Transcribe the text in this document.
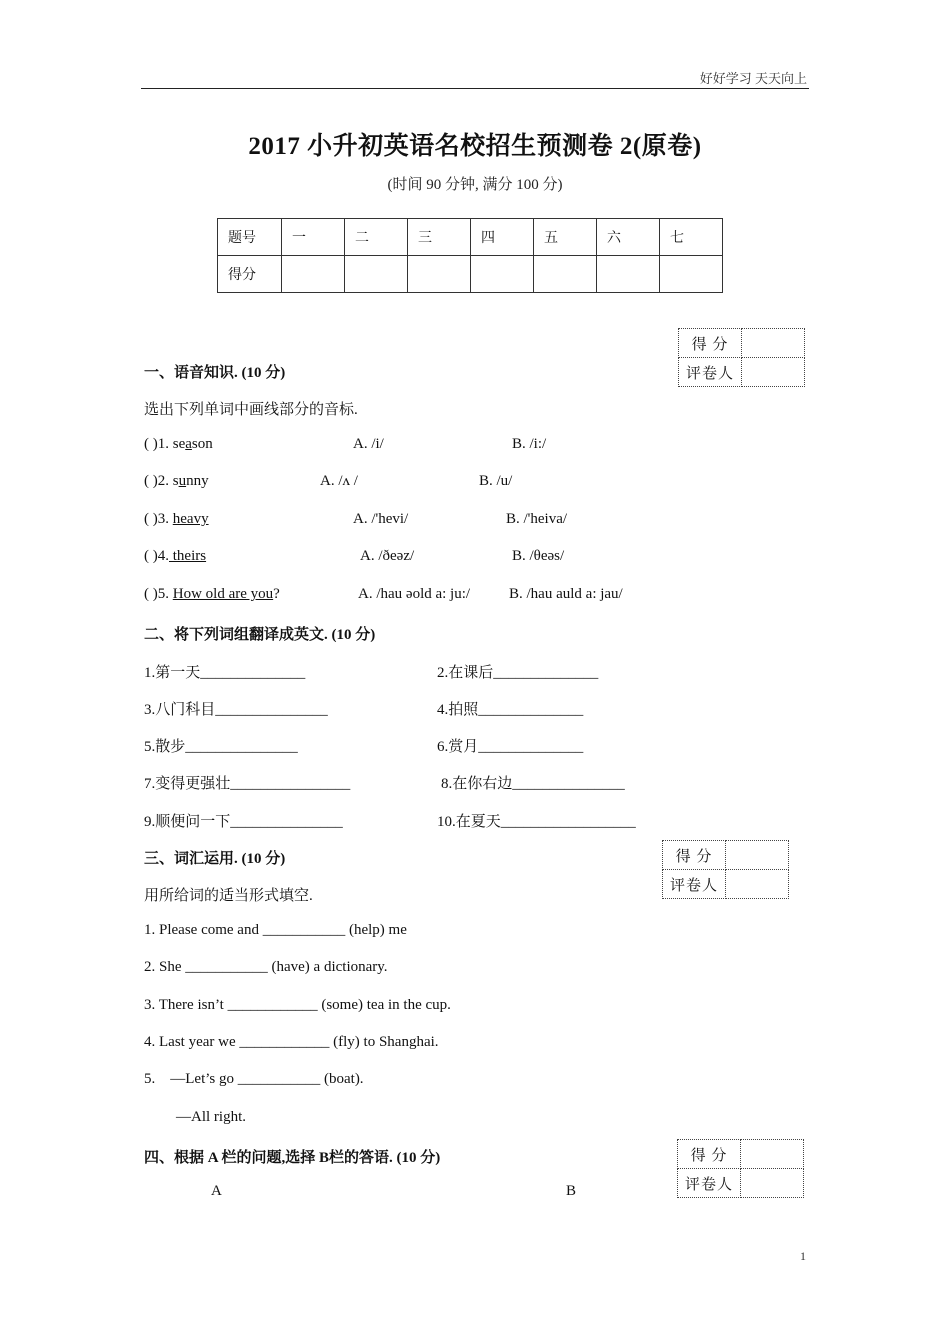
好好学习 天天向上
2017 小升初英语名校招生预测卷 2(原卷)
(时间 90 分钟, 满分 100 分)
题号	一	二	三	四	五	六	七
得分							
得 分	
评卷人	
一、语音知识. (10 分)
选出下列单词中画线部分的音标.
( )1. season	A. /i/	B. /i:/
( )2. sunny	A. /ʌ /	B. /u/
( )3. heavy	A. /'hevi/	B. /'heiva/
( )4. theirs	A. /ðeəz/	B. /θeəs/
( )5. How old are you?	A. /hau əold a: ju:/	B. /hau auld a: jau/
二、将下列词组翻译成英文. (10 分)
1.第一天______________	2.在课后______________
3.八门科目_______________	4.拍照______________
5.散步_______________	6.赏月______________
7.变得更强壮________________	8.在你右边_______________
9.顺便问一下_______________	10.在夏天__________________
得 分	
评卷人	
三、词汇运用. (10 分)
用所给词的适当形式填空.
1. Please come and ___________ (help) me
2. She ___________ (have) a dictionary.
3. There isn’t ____________ (some) tea in the cup.
4. Last year we ____________ (fly) to Shanghai.
5.    —Let’s go ___________ (boat).
—All right.
得 分	
评卷人	
四、根据 A 栏的问题,选择 B栏的答语. (10 分)
A	B
1
